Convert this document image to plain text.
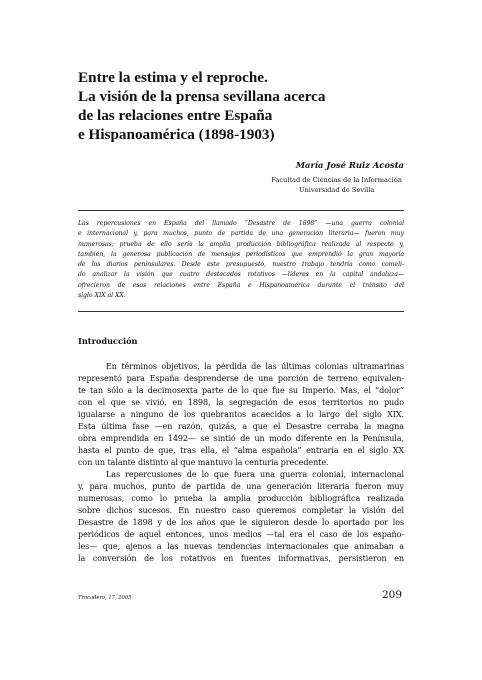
Entre la estima y el reproche.
La visión de la prensa sevillana acerca
de las relaciones entre España
e Hispanoamérica (1898-1903)
María José Ruiz Acosta
Facultad de Ciencias de la Información
Universidad de Sevilla
Las repercusiones en España del llamado “Desastre de 1898” —una guerra colonial
e internacional y, para muchos, punto de partida de una generación literaria— fueron muy
numerosas; prueba de ello sería la amplia producción bibliográfica realizada al respecto y,
también, la generosa publicación de mensajes periodísticos que emprendió la gran mayoría
de los diarios peninsulares. Desde este presupuesto, nuestro trabajo tendría como comeli-
do analizar la visión que cuatro destacados rotativos —líderes en la capital andaluza—
ofrecieron de esas relaciones entre España e Hispanoamérica durante el tránsito del
siglo XIX al XX.
Introducción
En términos objetivos, la pérdida de las últimas colonias ultramarinas
representó para España desprenderse de una porción de terreno equivalen-
te tan sólo a la decimosexta parte de lo que fue su Imperio. Mas, el “dolor”
con el que se vivió, en 1898, la segregación de esos territorios no pudo
igualarse a ninguno de los quebrantos acaecidos a lo largo del siglo XIX.
Esta última fase —en razón, quizás, a que el Desastre cerraba la magna
obra emprendida en 1492— se sintió de un modo diferente en la Península,
hasta el punto de que, tras ella, el “alma española” entraría en el siglo XX
con un talante distinto al que mantuvo la centuria precedente.
Las repercusiones de lo que fuera una guerra colonial, internacional
y, para muchos, punto de partida de una generación literaria fueron muy
numerosas, como lo prueba la amplia producción bibliográfica realizada
sobre dichos sucesos. En nuestro caso queremos completar la visión del
Desastre de 1898 y de los años que le siguieron desde lo aportado por los
periódicos de aquel entonces, unos medios —tal era el caso de los españo-
les— que, ajenos a las nuevas tendencias internacionales que animaban a
la conversión de los rotativos en fuentes informativas, persistieron en
Trocadero, 17, 2005	209
